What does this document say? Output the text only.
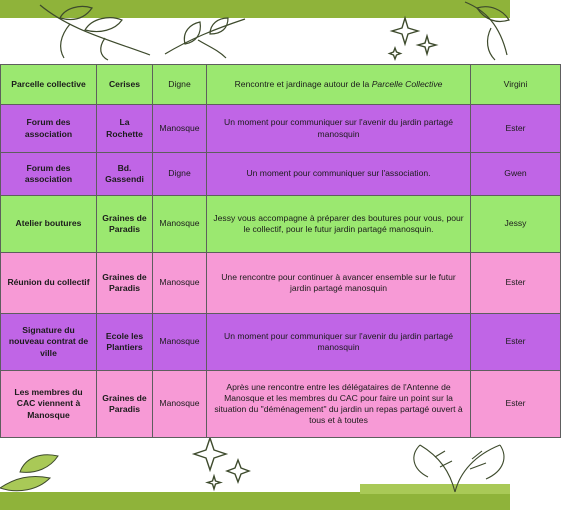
Parcelle collective	Cerises	Digne	Rencontre et jardinage autour de la Parcelle Collective	Virgini
Forum des association	La Rochette	Manosque	Un moment pour communiquer sur l'avenir du jardin partagé manosquin	Ester
Forum des association	Bd. Gassendi	Digne	Un moment pour communiquer sur l'association.	Gwen
Atelier boutures	Graines de Paradis	Manosque	Jessy vous accompagne à préparer des boutures pour vous, pour le collectif, pour le futur jardin partagé manosquin.	Jessy
Réunion du collectif	Graines de Paradis	Manosque	Une rencontre pour continuer à avancer ensemble sur le futur jardin partagé manosquin	Ester
Signature du nouveau contrat de ville	Ecole les Plantiers	Manosque	Un moment pour communiquer sur l'avenir du jardin partagé manosquin	Ester
Les membres du CAC viennent à Manosque	Graines de Paradis	Manosque	Après une rencontre entre les délégataires de l'Antenne de Manosque et les membres du CAC pour faire un point sur la situation du "déménagement" du jardin un repas partagé ouvert à tous et à toutes	Ester
